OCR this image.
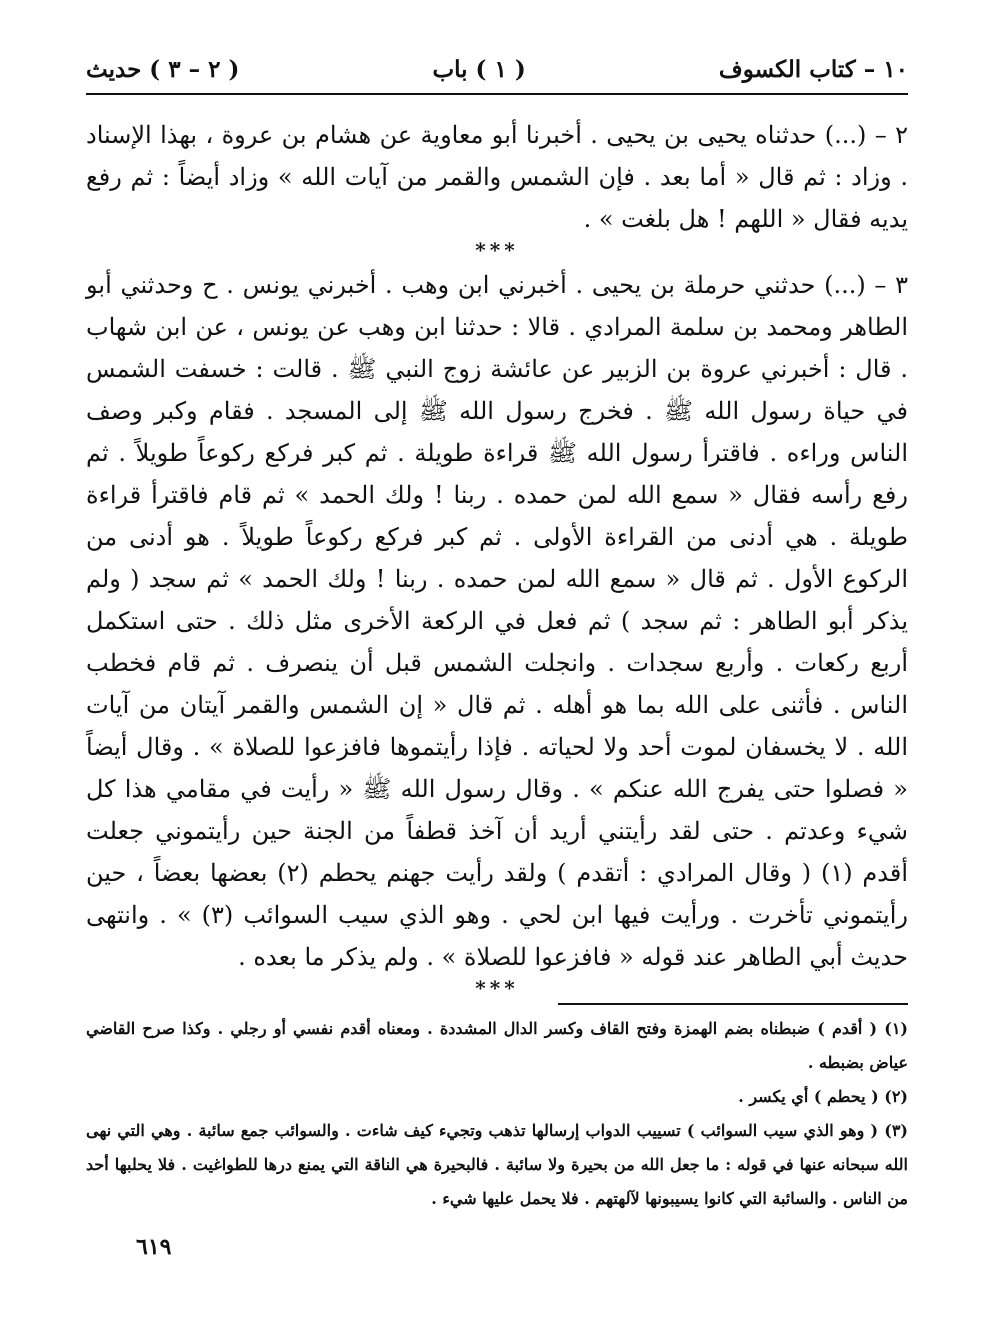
١٠ – كتاب الكسوف
( ١ ) باب
( ٢ – ٣ ) حديث

٢ – (...) حدثناه يحيى بن يحيى . أخبرنا أبو معاوية عن هشام بن عروة ، بهذا الإسناد . وزاد : ثم قال « أما بعد . فإن الشمس والقمر من آيات الله » وزاد أيضاً : ثم رفع يديه فقال « اللهم ! هل بلغت » .

***

٣ – (...) حدثني حرملة بن يحيى . أخبرني ابن وهب . أخبرني يونس . ح وحدثني أبو الطاهر ومحمد بن سلمة المرادي . قالا : حدثنا ابن وهب عن يونس ، عن ابن شهاب . قال : أخبرني عروة بن الزبير عن عائشة زوج النبي ﷺ . قالت : خسفت الشمس في حياة رسول الله ﷺ . فخرج رسول الله ﷺ إلى المسجد . فقام وكبر وصف الناس وراءه . فاقترأ رسول الله ﷺ قراءة طويلة . ثم كبر فركع ركوعاً طويلاً . ثم رفع رأسه فقال « سمع الله لمن حمده . ربنا ! ولك الحمد » ثم قام فاقترأ قراءة طويلة . هي أدنى من القراءة الأولى . ثم كبر فركع ركوعاً طويلاً . هو أدنى من الركوع الأول . ثم قال « سمع الله لمن حمده . ربنا ! ولك الحمد » ثم سجد ( ولم يذكر أبو الطاهر : ثم سجد ) ثم فعل في الركعة الأخرى مثل ذلك . حتى استكمل أربع ركعات . وأربع سجدات . وانجلت الشمس قبل أن ينصرف . ثم قام فخطب الناس . فأثنى على الله بما هو أهله . ثم قال « إن الشمس والقمر آيتان من آيات الله . لا يخسفان لموت أحد ولا لحياته . فإذا رأيتموها فافزعوا للصلاة » . وقال أيضاً « فصلوا حتى يفرج الله عنكم » . وقال رسول الله ﷺ « رأيت في مقامي هذا كل شيء وعدتم . حتى لقد رأيتني أريد أن آخذ قطفاً من الجنة حين رأيتموني جعلت أقدم (١) ( وقال المرادي : أتقدم ) ولقد رأيت جهنم يحطم (٢) بعضها بعضاً ، حين رأيتموني تأخرت . ورأيت فيها ابن لحي . وهو الذي سيب السوائب (٣) » . وانتهى حديث أبي الطاهر عند قوله « فافزعوا للصلاة » . ولم يذكر ما بعده .

***

(١) ( أقدم ) ضبطناه بضم الهمزة وفتح القاف وكسر الدال المشددة . ومعناه أقدم نفسي أو رجلي . وكذا صرح القاضي عياض بضبطه .

(٢) ( يحطم ) أي يكسر .

(٣) ( وهو الذي سيب السوائب ) تسييب الدواب إرسالها تذهب وتجيء كيف شاءت . والسوائب جمع سائبة . وهي التي نهى الله سبحانه عنها في قوله : ما جعل الله من بحيرة ولا سائبة . فالبحيرة هي الناقة التي يمنع درها للطواغيت . فلا يحلبها أحد من الناس . والسائبة التي كانوا يسيبونها لآلهتهم . فلا يحمل عليها شيء .

٦١٩
